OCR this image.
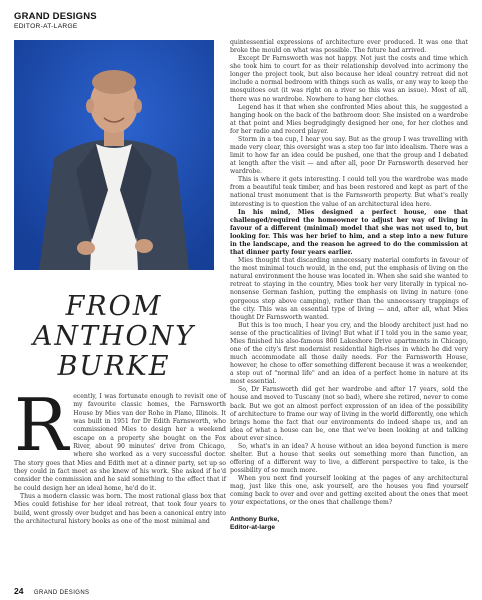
GRAND DESIGNS
EDITOR-AT-LARGE
FROM
ANTHONY
BURKE
R ecently, I was fortunate enough to revisit one of my favourite classic homes, the Farnsworth House by Mies van der Rohe in Plano, Illinois. It was built in 1951 for Dr Edith Farnsworth, who commissioned Mies to design her a weekend escape on a property she bought on the Fox River, about 90 minutes' drive from Chicago, where she worked as a very successful doctor. The story goes that Mies and Edith met at a dinner party, set up so they could in fact meet as she knew of his work. She asked if he'd consider the commission and he said something to the effect that if he could design her an ideal home, he'd do it.

Thus a modern classic was born. The most rational glass box that Mies could fetishise for her ideal retreat, that took four years to build, went grossly over budget and has been a canonical entry into the architectural history books as one of the most minimal and

quintessential expressions of architecture ever produced. It was one that broke the mould on what was possible. The future had arrived.

Except Dr Farnsworth was not happy. Not just the costs and time which she took him to court for as their relationship devolved into acrimony the longer the project took, but also because her ideal country retreat did not include a normal bedroom with things such as walls, or any way to keep the mosquitoes out (it was right on a river so this was an issue). Most of all, there was no wardrobe. Nowhere to hang her clothes.

Legend has it that when she confronted Mies about this, he suggested a hanging hook on the back of the bathroom door. She insisted on a wardrobe at that point and Mies begrudgingly designed her one, for her clothes and for her radio and record player.

Storm in a tea cup, I hear you say. But as the group I was travelling with made very clear, this oversight was a step too far into idealism. There was a limit to how far an idea could be pushed, one that the group and I debated at length after the visit — and after all, poor Dr Farnsworth deserved her wardrobe.

This is where it gets interesting. I could tell you the wardrobe was made from a beautiful teak timber, and has been restored and kept as part of the national trust monument that is the Farnsworth property. But what's really interesting is to question the value of an architectural idea here.

In his mind, Mies designed a perfect house, one that challenged/required the homeowner to adjust her way of living in favour of a different (minimal) model that she was not used to, but looking for. This was her brief to him, and a step into a new future in the landscape, and the reason he agreed to do the commission at that dinner party four years earlier.

Mies thought that discarding unnecessary material comforts in favour of the most minimal touch would, in the end, put the emphasis of living on the natural environment the house was located in. When she said she wanted to retreat to staying in the country, Mies took her very literally in typical no-nonsense German fashion, putting the emphasis on living in nature (one gorgeous step above camping), rather than the unnecessary trappings of the city. This was an essential type of living — and, after all, what Mies thought Dr Farnsworth wanted.

But this is too much, I hear you cry, and the bloody architect just had no sense of the practicalities of living! But what if I told you in the same year, Mies finished his also-famous 860 Lakeshore Drive apartments in Chicago, one of the city's first modernist residential high-rises in which he did very much accommodate all those daily needs. For the Farnsworth House, however, he chose to offer something different because it was a weekender, a step out of "normal life" and an idea of a perfect home in nature at its most essential.

So, Dr Farnsworth did get her wardrobe and after 17 years, sold the house and moved to Tuscany (not so bad), where she retired, never to come back. But we got an almost perfect expression of an idea of the possibility of architecture to frame our way of living in the world differently, one which brings home the fact that our environments do indeed shape us, and an idea of what a house can be, one that we've been looking at and talking about ever since.

So, what's in an idea? A house without an idea beyond function is mere shelter. But a house that seeks out something more than function, an offering of a different way to live, a different perspective to take, is the possibility of so much more.

When you next find yourself looking at the pages of any architectural mag, just like this one, ask yourself, are the houses you find yourself coming back to over and over and getting excited about the ones that meet your expectations, or the ones that challenge them?

Anthony Burke,
Editor-at-large
24 GRAND DESIGNS
